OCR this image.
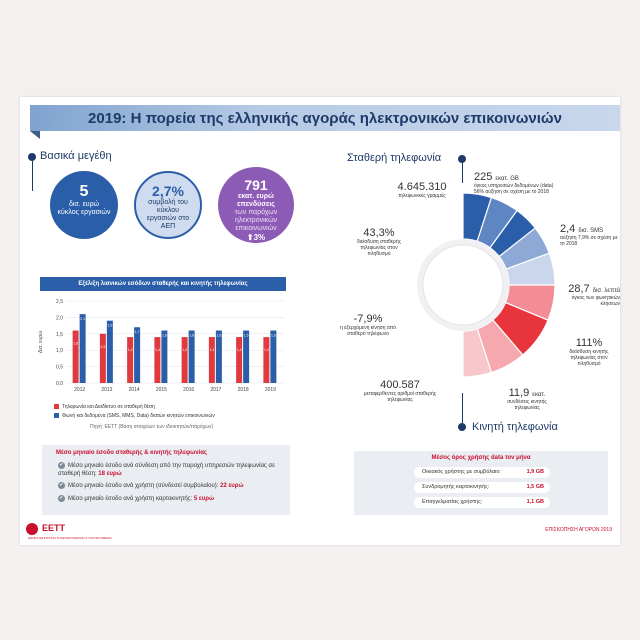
2019: Η πορεία της ελληνικής αγοράς ηλεκτρονικών επικοινωνιών
Βασικά μεγέθη
5
δισ. ευρώ
κύκλος εργασιών
2,7%
συμβολή του κύκλου εργασιών στο ΑΕΠ
791
εκατ. ευρώ επενδύσεις
των παρόχων ηλεκτρονικών επικοινωνιών
⬆3%
σε σχέση με το 2018
Εξέλιξη λιανικών εσόδων σταθερής και κινητής τηλεφωνίας
0,0
0,5
1,0
1,5
2,0
2,5
Δισ. ευρώ	1,6
2,1
2012
1,5
1,9
2013
1,4
1,7
2014
1,4
1,6
2015
1,4
1,6
2016
1,4
1,6
2017
1,4
1,6
2018
1,4
1,6
2019
Τηλεφωνία και Διαδίκτυο σε σταθερή θέση
Φωνή και δεδομένα (SMS, MMS, Data) διατών κινητών επικοινωνιών
Πηγή: ΕΕΤΤ (Βάση στοιχείων των ιδιοκτητών/πάρόχων)
Μέσο μηνιαίο έσοδο σταθερής & κινητής τηλεφωνίας
✔ Μέσο μηνιαίο έσοδο ανά σύνδεση από την παροχή υπηρεσιών τηλεφωνίας σε σταθερή θέση: 18 ευρώ
✔ Μέσο μηνιαίο έσοδο ανά χρήστη (σύνδεσεί συμβολαίου): 22 ευρώ
✔ Μέσο μηνιαίο έσοδο ανά χρήστη καρτοκινητής: 5 ευρώ
Σταθερή τηλεφωνία
4.645.310
τηλεφωνικές γραμμές
43,3%
διείσδυση σταθερής τηλεφωνίας στον πληθυσμό
-7,9%
η εξερχόμενη κίνηση από σταθερό τηλέφωνο
400.587
μεταφερθέντες αριθμοί σταθερής τηλεφωνίας
225 εκατ. GB
όγκος υπηρεσιών δεδομένων (data)
56% αύξηση σε σχέση με το 2018
2,4 δισ. SMS
αύξηση 7,9% σε σχέση με το 2018
28,7 δισ. λεπτά
όγκος των φωνητικών κλήσεων
111%
διείσδυση κινητής τηλεφωνίας στον πληθυσμό
11,9 εκατ.
συνδέσεις κινητής τηλεφωνίας
Κινητή τηλεφωνία
Μέσος όρος χρήσης data τον μήνα
Οικιακός χρήστης με συμβόλαιο:	1,9 GB
Συνδρομητής καρτοκινητής:	1,5 GB
Επαγγελματίας χρήστης:	1,1 GB
ΕΕΤΤ
ΕΘΝΙΚΗ ΕΠΙΤΡΟΠΗ ΤΗΛΕΠΙΚΟΙΝΩΝΙΩΝ & ΤΑΧΥΔΡΟΜΕΙΩΝ
ΕΠΙΣΚΟΠΗΣΗ ΑΓΟΡΩΝ 2019
